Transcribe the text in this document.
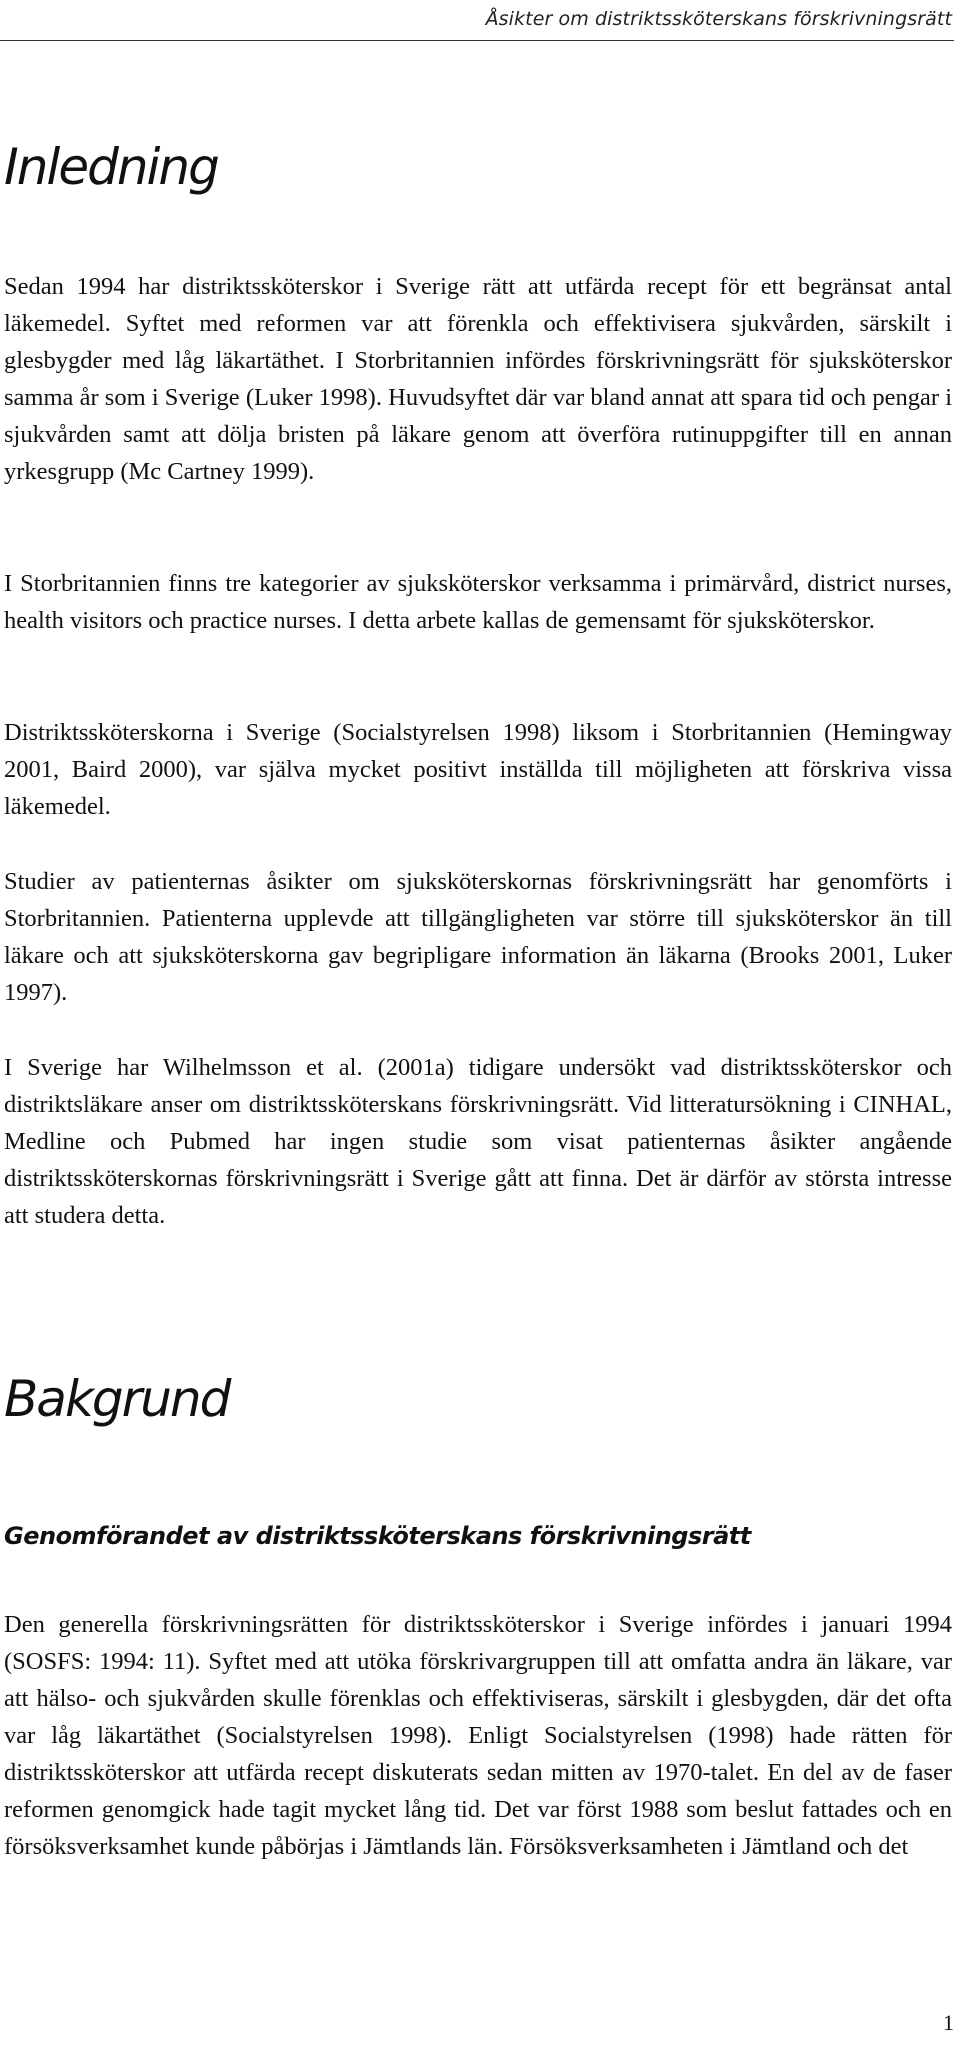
Åsikter om distriktssköterskans förskrivningsrätt
Inledning

Sedan 1994 har distriktssköterskor i Sverige rätt att utfärda recept för ett begränsat antal läkemedel. Syftet med reformen var att förenkla och effektivisera sjukvården, särskilt i glesbygder med låg läkartäthet. I Storbritannien infördes förskrivningsrätt för sjuksköterskor samma år som i Sverige (Luker 1998). Huvudsyftet där var bland annat att spara tid och pengar i sjukvården samt att dölja bristen på läkare genom att överföra rutinuppgifter till en annan yrkesgrupp (Mc Cartney 1999).

I Storbritannien finns tre kategorier av sjuksköterskor verksamma i primärvård, district nurses, health visitors och practice nurses. I detta arbete kallas de gemensamt för sjuksköterskor.

Distriktssköterskorna i Sverige (Socialstyrelsen 1998) liksom i Storbritannien (Hemingway 2001, Baird 2000), var själva mycket positivt inställda till möjligheten att förskriva vissa läkemedel.

Studier av patienternas åsikter om sjuksköterskornas förskrivningsrätt har genomförts i Storbritannien. Patienterna upplevde att tillgängligheten var större till sjuksköterskor än till läkare och att sjuksköterskorna gav begripligare information än läkarna (Brooks 2001, Luker 1997).

I Sverige har Wilhelmsson et al. (2001a) tidigare undersökt vad distriktssköterskor och distriktsläkare anser om distriktssköterskans förskrivningsrätt. Vid litteratursökning i CINHAL, Medline och Pubmed har ingen studie som visat patienternas åsikter angående distriktssköterskornas förskrivningsrätt i Sverige gått att finna. Det är därför av största intresse att studera detta.

Bakgrund
Genomförandet av distriktssköterskans förskrivningsrätt

Den generella förskrivningsrätten för distriktssköterskor i Sverige infördes i januari 1994 (SOSFS: 1994: 11). Syftet med att utöka förskrivargruppen till att omfatta andra än läkare, var att hälso- och sjukvården skulle förenklas och effektiviseras, särskilt i glesbygden, där det ofta var låg läkartäthet (Socialstyrelsen 1998). Enligt Socialstyrelsen (1998) hade rätten för distriktssköterskor att utfärda recept diskuterats sedan mitten av 1970-talet. En del av de faser reformen genomgick hade tagit mycket lång tid. Det var först 1988 som beslut fattades och en försöksverksamhet kunde påbörjas i Jämtlands län. Försöksverksamheten i Jämtland och det

1
